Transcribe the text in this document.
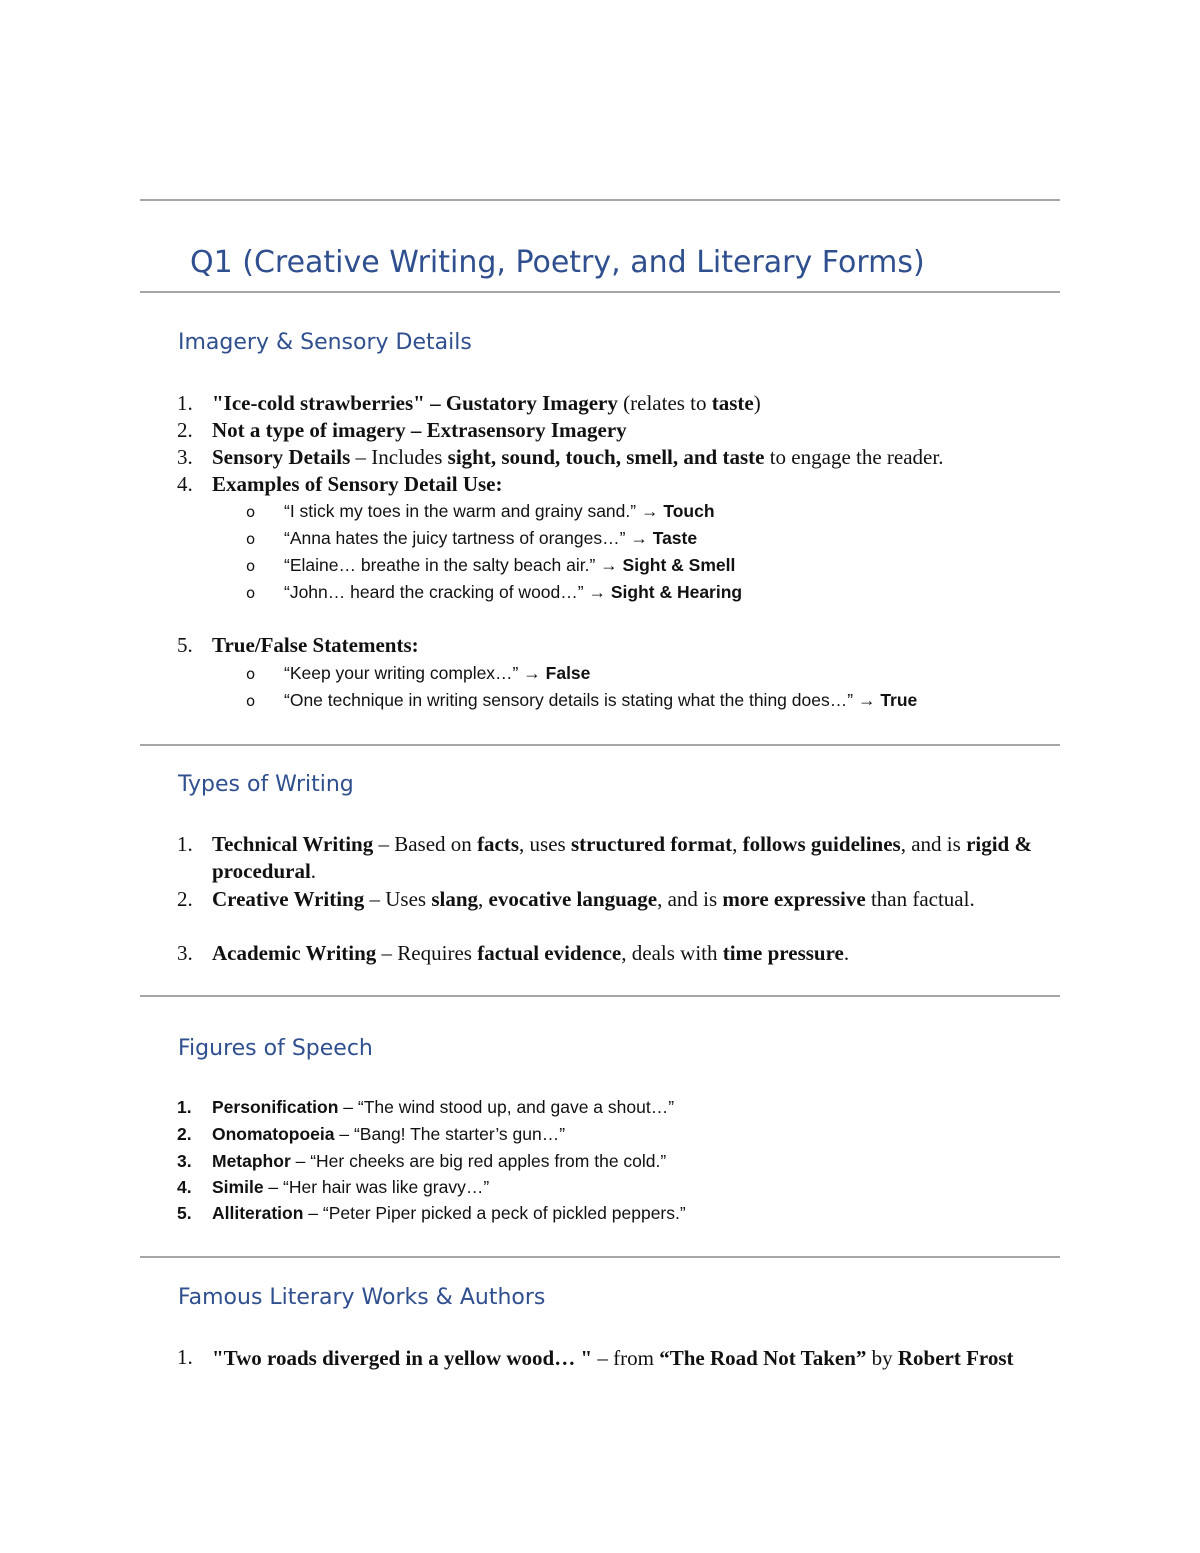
Q1 (Creative Writing, Poetry, and Literary Forms)
Imagery & Sensory Details
1. "Ice-cold strawberries" – Gustatory Imagery (relates to taste)
2. Not a type of imagery – Extrasensory Imagery
3. Sensory Details – Includes sight, sound, touch, smell, and taste to engage the reader.
4. Examples of Sensory Detail Use:
o “I stick my toes in the warm and grainy sand.” → Touch
o “Anna hates the juicy tartness of oranges…” → Taste
o “Elaine… breathe in the salty beach air.” → Sight & Smell
o “John… heard the cracking of wood…” → Sight & Hearing
5. True/False Statements:
o “Keep your writing complex…” → False
o “One technique in writing sensory details is stating what the thing does…” → True
Types of Writing
1. Technical Writing – Based on facts, uses structured format, follows guidelines, and is rigid & procedural.
2. Creative Writing – Uses slang, evocative language, and is more expressive than factual.
3. Academic Writing – Requires factual evidence, deals with time pressure.
Figures of Speech
1. Personification – “The wind stood up, and gave a shout…”
2. Onomatopoeia – “Bang! The starter’s gun…”
3. Metaphor – “Her cheeks are big red apples from the cold.”
4. Simile – “Her hair was like gravy…”
5. Alliteration – “Peter Piper picked a peck of pickled peppers.”
Famous Literary Works & Authors
1. "Two roads diverged in a yellow wood… " – from “The Road Not Taken” by Robert Frost
